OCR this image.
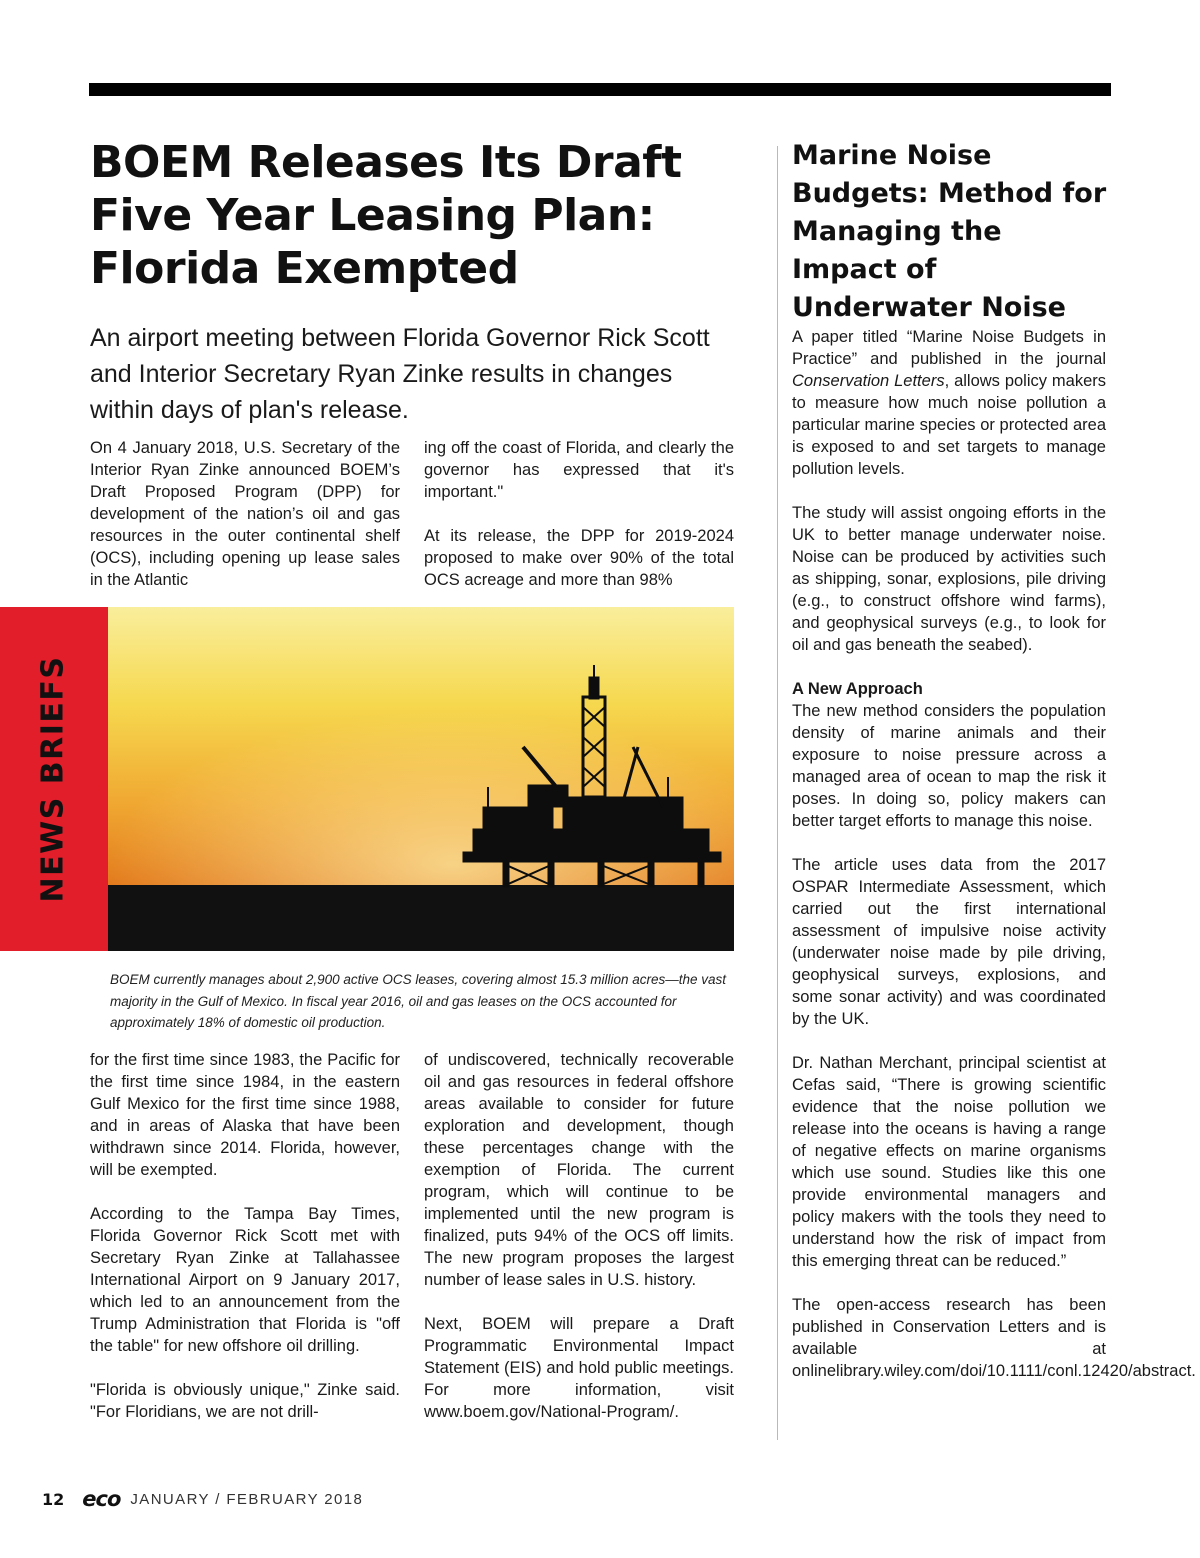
BOEM Releases Its Draft Five Year Leasing Plan: Florida Exempted

An airport meeting between Florida Governor Rick Scott and Interior Secretary Ryan Zinke results in changes within days of plan's release.

On 4 January 2018, U.S. Secretary of the Interior Ryan Zinke announced BOEM’s Draft Proposed Program (DPP) for development of the nation’s oil and gas resources in the outer continental shelf (OCS), including opening up lease sales in the Atlantic

ing off the coast of Florida, and clearly the governor has expressed that it's important."

At its release, the DPP for 2019-2024 proposed to make over 90% of the total OCS acreage and more than 98%

NEWS BRIEFS
BOEM currently manages about 2,900 active OCS leases, covering almost 15.3 million acres—the vast majority in the Gulf of Mexico. In fiscal year 2016, oil and gas leases on the OCS accounted for approximately 18% of domestic oil production.

for the first time since 1983, the Pacific for the first time since 1984, in the eastern Gulf Mexico for the first time since 1988, and in areas of Alaska that have been withdrawn since 2014. Florida, however, will be exempted.

According to the Tampa Bay Times, Florida Governor Rick Scott met with Secretary Ryan Zinke at Tallahassee International Airport on 9 January 2017, which led to an announcement from the Trump Administration that Florida is "off the table" for new offshore oil drilling.

"Florida is obviously unique," Zinke said. "For Floridians, we are not drill-

of undiscovered, technically recoverable oil and gas resources in federal offshore areas available to consider for future exploration and development, though these percentages change with the exemption of Florida. The current program, which will continue to be implemented until the new program is finalized, puts 94% of the OCS off limits. The new program proposes the largest number of lease sales in U.S. history.

Next, BOEM will prepare a Draft Programmatic Environmental Impact Statement (EIS) and hold public meetings. For more information, visit www.boem.gov/National-Program/.

Marine Noise Budgets: Method for Managing the Impact of Underwater Noise

A paper titled “Marine Noise Budgets in Practice” and published in the journal Conservation Letters, allows policy makers to measure how much noise pollution a particular marine species or protected area is exposed to and set targets to manage pollution levels.

The study will assist ongoing efforts in the UK to better manage underwater noise. Noise can be produced by activities such as shipping, sonar, explosions, pile driving (e.g., to construct offshore wind farms), and geophysical surveys (e.g., to look for oil and gas beneath the seabed).

A New Approach
The new method considers the population density of marine animals and their exposure to noise pressure across a managed area of ocean to map the risk it poses. In doing so, policy makers can better target efforts to manage this noise.

The article uses data from the 2017 OSPAR Intermediate Assessment, which carried out the first international assessment of impulsive noise activity (underwater noise made by pile driving, geophysical surveys, explosions, and some sonar activity) and was coordinated by the UK.

Dr. Nathan Merchant, principal scientist at Cefas said, “There is growing scientific evidence that the noise pollution we release into the oceans is having a range of negative effects on marine organisms which use sound. Studies like this one provide environmental managers and policy makers with the tools they need to understand how the risk of impact from this emerging threat can be reduced.”

The open-access research has been published in Conservation Letters and is available at onlinelibrary.wiley.com/doi/10.1111/conl.12420/abstract.

12 eco JANUARY / FEBRUARY 2018
